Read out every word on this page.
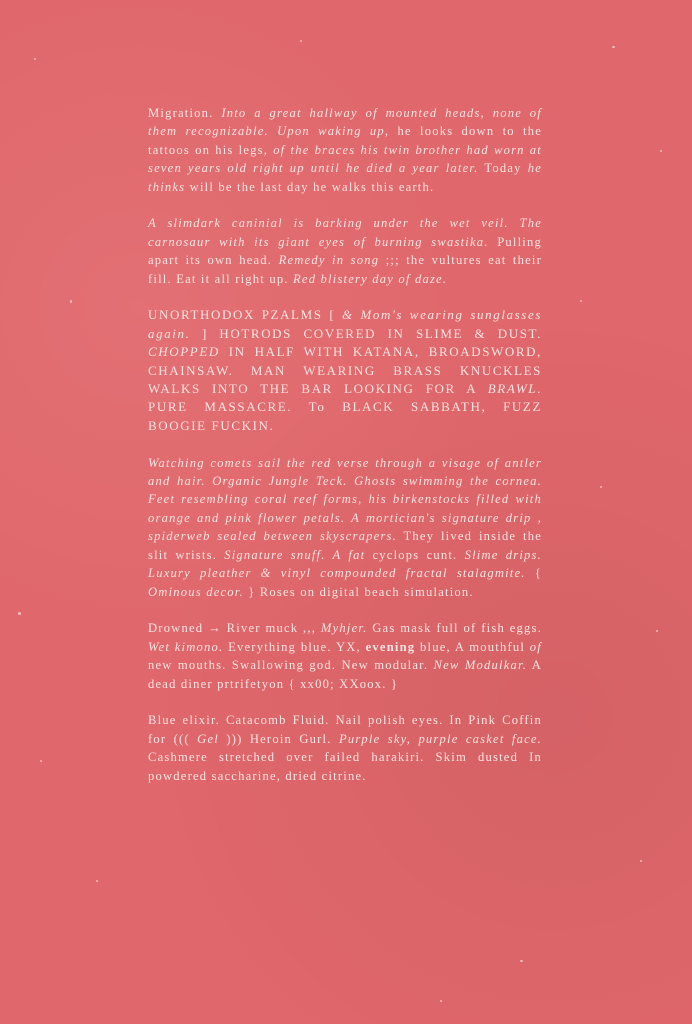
Migration. Into a great hallway of mounted heads, none of them recognizable. Upon waking up, he looks down to the tattoos on his legs, of the braces his twin brother had worn at seven years old right up until he died a year later. Today he thinks will be the last day he walks this earth.

A slimdark caninial is barking under the wet veil. The carnosaur with its giant eyes of burning swastika. Pulling apart its own head. Remedy in song ;;; the vultures eat their fill. Eat it all right up. Red blistery day of daze.

UNORTHODOX PZALMS [ & Mom's wearing sunglasses again. ] HOTRODS COVERED IN SLIME & DUST. CHOPPED IN HALF WITH KATANA, BROADSWORD, CHAINSAW. MAN WEARING BRASS KNUCKLES WALKS INTO THE BAR LOOKING FOR A BRAWL. PURE MASSACRE. To BLACK SABBATH, FUZZ BOOGIE FUCKIN.

Watching comets sail the red verse through a visage of antler and hair. Organic Jungle Teck. Ghosts swimming the cornea. Feet resembling coral reef forms, his birkenstocks filled with orange and pink flower petals. A mortician's signature drip , spiderweb sealed between skyscrapers. They lived inside the slit wrists. Signature snuff. A fat cyclops cunt. Slime drips. Luxury pleather & vinyl compounded fractal stalagmite. { Ominous decor. } Roses on digital beach simulation.

Drowned → River muck ,,, Myhjer. Gas mask full of fish eggs. Wet kimono. Everything blue. YX, evening blue, A mouthful of new mouths. Swallowing god. New modular. New Modulkar. A dead diner prtrifetyon { xx00; XXoox. }

Blue elixir. Catacomb Fluid. Nail polish eyes. In Pink Coffin for ((( Gel ))) Heroin Gurl. Purple sky, purple casket face. Cashmere stretched over failed harakiri. Skim dusted In powdered saccharine, dried citrine.
